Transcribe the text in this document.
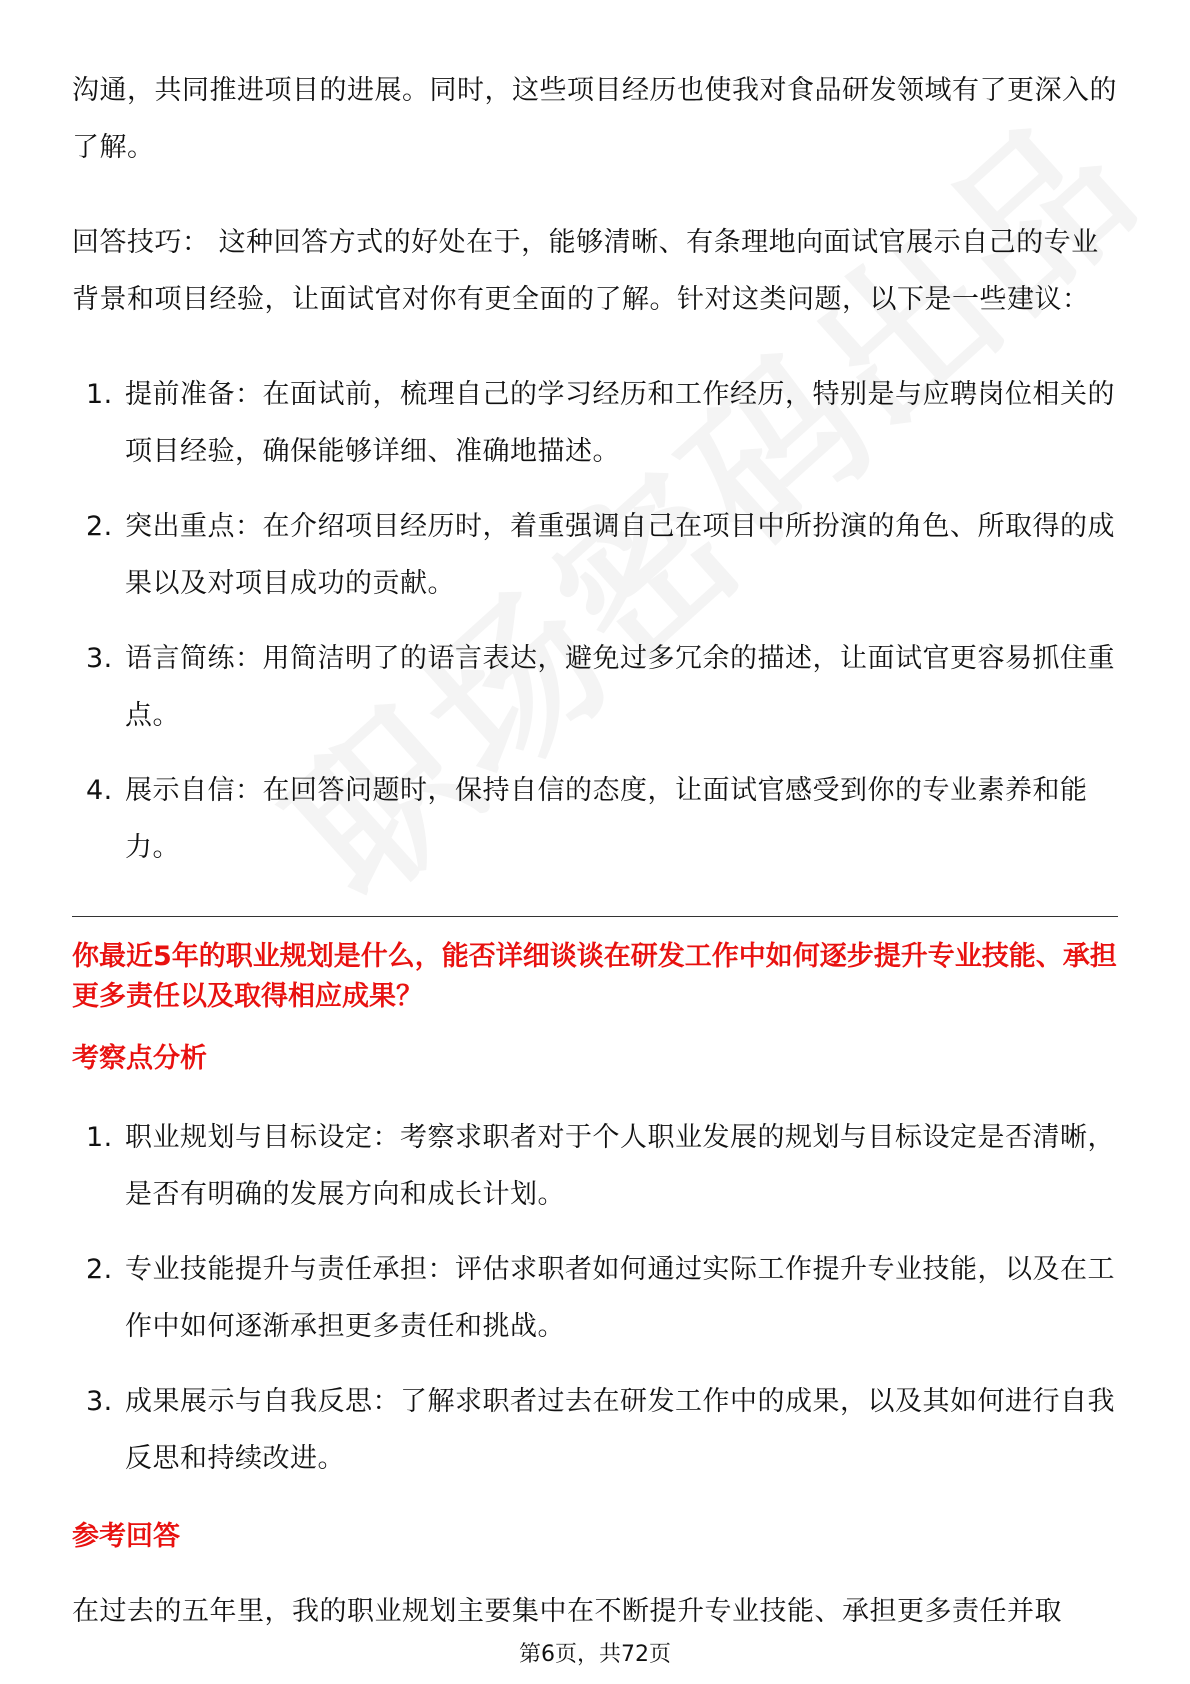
沟通，共同推进项目的进展。同时，这些项目经历也使我对食品研发领域有了更深入的了解。

回答技巧： 这种回答方式的好处在于，能够清晰、有条理地向面试官展示自己的专业背景和项目经验，让面试官对你有更全面的了解。针对这类问题，以下是一些建议：

1. 提前准备：在面试前，梳理自己的学习经历和工作经历，特别是与应聘岗位相关的项目经验，确保能够详细、准确地描述。
2. 突出重点：在介绍项目经历时，着重强调自己在项目中所扮演的角色、所取得的成果以及对项目成功的贡献。
3. 语言简练：用简洁明了的语言表达，避免过多冗余的描述，让面试官更容易抓住重点。
4. 展示自信：在回答问题时，保持自信的态度，让面试官感受到你的专业素养和能力。

你最近5年的职业规划是什么，能否详细谈谈在研发工作中如何逐步提升专业技能、承担更多责任以及取得相应成果？

考察点分析

1. 职业规划与目标设定：考察求职者对于个人职业发展的规划与目标设定是否清晰，是否有明确的发展方向和成长计划。
2. 专业技能提升与责任承担：评估求职者如何通过实际工作提升专业技能，以及在工作中如何逐渐承担更多责任和挑战。
3. 成果展示与自我反思：了解求职者过去在研发工作中的成果，以及其如何进行自我反思和持续改进。

参考回答

在过去的五年里，我的职业规划主要集中在不断提升专业技能、承担更多责任并取

第6页，共72页
